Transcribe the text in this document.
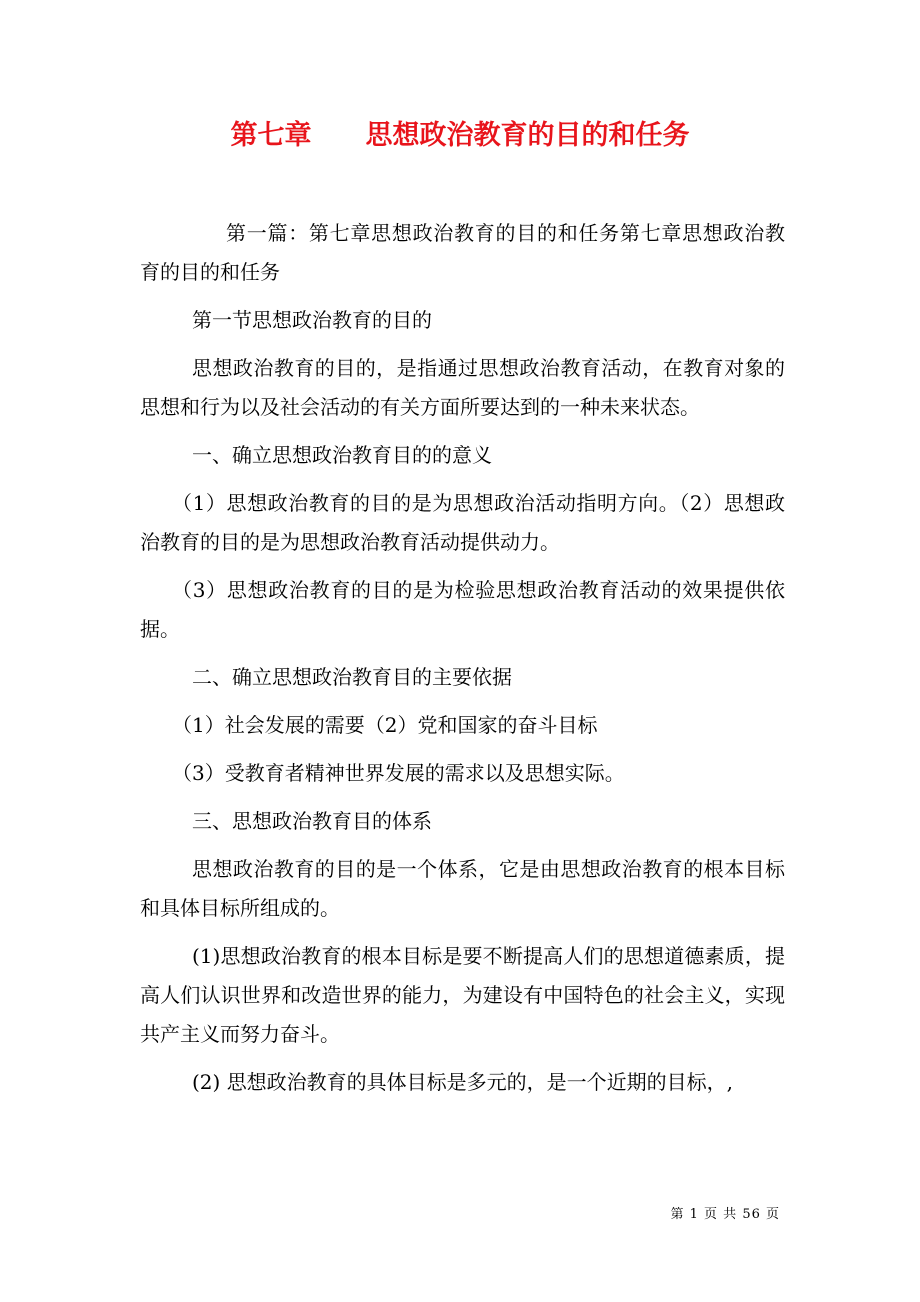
第七章 思想政治教育的目的和任务

第一篇：第七章思想政治教育的目的和任务第七章思想政治教育的目的和任务

第一节思想政治教育的目的

思想政治教育的目的，是指通过思想政治教育活动，在教育对象的思想和行为以及社会活动的有关方面所要达到的一种未来状态。

一、确立思想政治教育目的的意义

（1）思想政治教育的目的是为思想政治活动指明方向。（2）思想政治教育的目的是为思想政治教育活动提供动力。

（3）思想政治教育的目的是为检验思想政治教育活动的效果提供依据。

二、确立思想政治教育目的主要依据

（1）社会发展的需要（2）党和国家的奋斗目标

（3）受教育者精神世界发展的需求以及思想实际。

三、思想政治教育目的体系

思想政治教育的目的是一个体系，它是由思想政治教育的根本目标和具体目标所组成的。

(1)思想政治教育的根本目标是要不断提高人们的思想道德素质，提高人们认识世界和改造世界的能力，为建设有中国特色的社会主义，实现共产主义而努力奋斗。

(2) 思想政治教育的具体目标是多元的，是一个近期的目标，,

第 1 页 共 56 页
